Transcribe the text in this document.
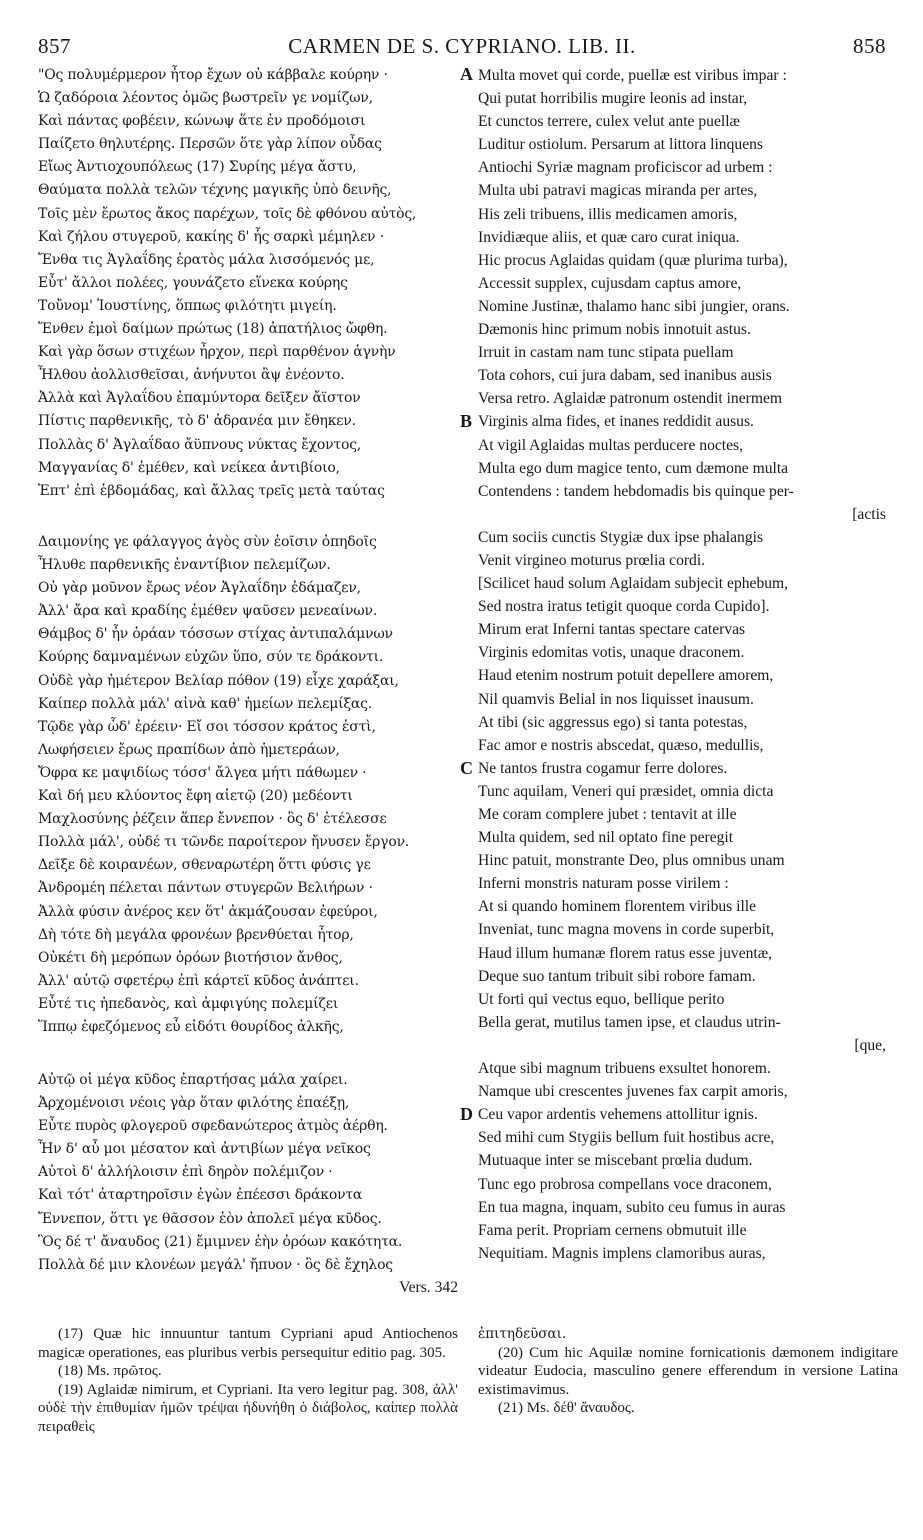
857	CARMEN DE S. CYPRIANO. LIB. II.	858
"Ος πολυμέρμερον ἦτορ ἔχων οὐ κάββαλε κούρην ·
Ὡ ζαδόροια λέοντος ὁμῶς βωστρεῖν γε νομίζων,
Καὶ πάντας φοβέειν, κώνωψ ἅτε ἐν προδόμοισι
Παίζετο θηλυτέρης. Περσῶν ὅτε γὰρ λίπον οὖδας
Εἴως Ἀντιοχουπόλεως (17) Συρίης μέγα ἄστυ,
Θαύματα πολλὰ τελῶν τέχνης μαγικῆς ὑπὸ δεινῆς,
Τοῖς μὲν ἔρωτος ἄκος παρέχων, τοῖς δὲ φθόνου αὐτὸς,
Καὶ ζήλου στυγεροῦ, κακίης δ' ἧς σαρκὶ μέμηλεν ·
Ἔνθα τις Ἀγλαΐδης ἐρατὸς μάλα λισσόμενός με,
Εὖτ' ἄλλοι πολέες, γουνάζετο εἵνεκα κούρης
Τοὔνομ' Ἰουστίνης, ὅππως φιλότητι μιγείη.
Ἔνθεν ἐμοὶ δαίμων πρώτως (18) ἀπατήλιος ὤφθη.
Καὶ γὰρ ὅσων στιχέων ἦρχον, περὶ παρθένον ἁγνὴν
Ἦλθου ἀολλισθεῖσαι, ἀνήνυτοι ἂψ ἐνέοντο.
Ἀλλὰ καὶ Ἀγλαΐδου ἐπαμύντορα δεῖξεν ἄϊστον
Πίστις παρθενικῆς, τὸ δ' ἀδρανέα μιν ἔθηκεν.
Πολλὰς δ' Ἀγλαΐδαο ἄϋπνους νύκτας ἔχοντος,
Μαγγανίας δ' ἐμέθεν, καὶ νείκεα ἀντιβίοιο,
Ἑπτ' ἐπὶ ἑβδομάδας, καὶ ἄλλας τρεῖς μετὰ ταύτας
Δαιμονίης γε φάλαγγος ἀγὸς σὺν ἑοῖσιν ὀπηδοῖς
Ἦλυθε παρθενικῆς ἐναντίβιον πελεμίζων.
Οὐ γὰρ μοῦνον ἔρως νέον Ἀγλαΐδην ἐδάμαζεν,
Ἀλλ' ἄρα καὶ κραδίης ἐμέθεν ψαῦσεν μενεαίνων.
Θάμβος δ' ἦν ὁράαν τόσσων στίχας ἀντιπαλάμνων
Κούρης δαμναμένων εὐχῶν ὕπο, σύν τε δράκοντι.
Οὐδὲ γὰρ ἡμέτερον Βελίαρ πόθον (19) εἶχε χαράξαι,
Καίπερ πολλὰ μάλ' αἰνὰ καθ' ἡμείων πελεμίξας.
Τῷδε γὰρ ὧδ' ἐρέειν· Εἴ σοι τόσσον κράτος ἐστὶ,
Λωφήσειεν ἔρως πραπίδων ἀπὸ ἡμετεράων,
Ὄφρα κε μαψιδίως τόσσ' ἄλγεα μήτι πάθωμεν ·
Καὶ δή μευ κλύοντος ἔφη αἰετῷ (20) μεδέοντι
Μαχλοσύνης ῥέζειν ἅπερ ἔννεπον · ὃς δ' ἐτέλεσσε
Πολλὰ μάλ', οὐδέ τι τῶνδε παροίτερον ἤνυσεν ἔργον.
Δεῖξε δὲ κοιρανέων, σθεναρωτέρη ὅττι φύσις γε
Ἀνδρομέη πέλεται πάντων στυγερῶν Βελιήρων ·
Ἀλλὰ φύσιν ἀνέρος κεν ὅτ' ἀκμάζουσαν ἐφεύροι,
Δὴ τότε δὴ μεγάλα φρονέων βρενθύεται ἦτορ,
Οὐκέτι δὴ μερόπων ὀρόων βιοτήσιον ἄνθος,
Ἀλλ' αὐτῷ σφετέρῳ ἐπὶ κάρτεϊ κῦδος ἀνάπτει.
Εὖτέ τις ἠπεδανὸς, καὶ ἀμφιγύης πολεμίζει
Ἵππῳ ἐφεζόμενος εὖ εἰδότι θουρίδος ἀλκῆς,
Αὐτῷ οἱ μέγα κῦδος ἐπαρτήσας μάλα χαίρει.
Ἀρχομένοισι νέοις γὰρ ὅταν φιλότης ἐπαέξῃ,
Εὖτε πυρὸς φλογεροῦ σφεδανώτερος ἀτμὸς ἀέρθη.
Ἦν δ' αὖ μοι μέσατον καὶ ἀντιβίων μέγα νεῖκος
Αὐτοὶ δ' ἀλλήλοισιν ἐπὶ δηρὸν πολέμιζον ·
Καὶ τότ' ἀταρτηροῖσιν ἐγὼν ἐπέεσσι δράκοντα
Ἔννεπον, ὅττι γε θᾶσσον ἑὸν ἀπολεῖ μέγα κῦδος.
Ὃς δέ τ' ἄναυδος (21) ἔμιμνεν ἐὴν ὀρόων κακότητα.
Πολλὰ δέ μιν κλονέων μεγάλ' ἤπυον · ὃς δὲ ἔχηλος
Vers. 342
Multa movet qui corde, puellæ est viribus impar :
Qui putat horribilis mugire leonis ad instar,
Et cunctos terrere, culex velut ante puellæ
Luditur ostiolum. Persarum at littora linquens
Antiochi Syriæ magnam proficiscor ad urbem :
Multa ubi patravi magicas miranda per artes,
His zeli tribuens, illis medicamen amoris,
Invidiæque aliis, et quæ caro curat iniqua.
Hic procus Aglaidas quidam (quæ plurima turba),
Accessit supplex, cujusdam captus amore,
Nomine Justinæ, thalamo hanc sibi jungier, orans.
Dæmonis hinc primum nobis innotuit astus.
Irruit in castam nam tunc stipata puellam
Tota cohors, cui jura dabam, sed inanibus ausis
Versa retro. Aglaidæ patronum ostendit inermem
Virginis alma fides, et inanes reddidit ausus.
At vigil Aglaidas multas perducere noctes,
Multa ego dum magice tento, cum dæmone multa
Contendens : tandem hebdomadis bis quinque per-
[actis
Cum sociis cunctis Stygiæ dux ipse phalangis
Venit virgineo moturus prœlia cordi.
[Scilicet haud solum Aglaidam subjecit ephebum,
Sed nostra iratus tetigit quoque corda Cupido].
Mirum erat Inferni tantas spectare catervas
Virginis edomitas votis, unaque draconem.
Haud etenim nostrum potuit depellere amorem,
Nil quamvis Belial in nos liquisset inausum.
At tibi (sic aggressus ego) si tanta potestas,
Fac amor e nostris abscedat, quæso, medullis,
Ne tantos frustra cogamur ferre dolores.
Tunc aquilam, Veneri qui præsidet, omnia dicta
Me coram complere jubet : tentavit at ille
Multa quidem, sed nil optato fine peregit
Hinc patuit, monstrante Deo, plus omnibus unam
Inferni monstris naturam posse virilem :
At si quando hominem florentem viribus ille
Inveniat, tunc magna movens in corde superbit,
Haud illum humanæ florem ratus esse juventæ,
Deque suo tantum tribuit sibi robore famam.
Ut forti qui vectus equo, bellique perito
Bella gerat, mutilus tamen ipse, et claudus utrin-
[que,
Atque sibi magnum tribuens exsultet honorem.
Namque ubi crescentes juvenes fax carpit amoris,
Ceu vapor ardentis vehemens attollitur ignis.
Sed mihi cum Stygiis bellum fuit hostibus acre,
Mutuaque inter se miscebant prœlia dudum.
Tunc ego probrosa compellans voce draconem,
En tua magna, inquam, subito ceu fumus in auras
Fama perit. Propriam cernens obmutuit ille
Nequitiam. Magnis implens clamoribus auras,
A
B
C
D

(17) Quæ hic innuuntur tantum Cypriani apud Antiochenos magicæ operationes, eas pluribus verbis persequitur editio pag. 305.

(18) Ms. πρῶτος.

(19) Aglaidæ nimirum, et Cypriani. Ita vero legitur pag. 308, ἀλλ' οὐδὲ τὴν ἐπιθυμίαν ἡμῶν τρέψαι ἠδυνήθη ὁ διάβολος, καίπερ πολλὰ πειραθεὶς

ἐπιτηδεῦσαι.

(20) Cum hic Aquilæ nomine fornicationis dæmonem indigitare videatur Eudocia, masculino genere efferendum in versione Latina existimavimus.

(21) Ms. δέθ' ἄναυδος.
